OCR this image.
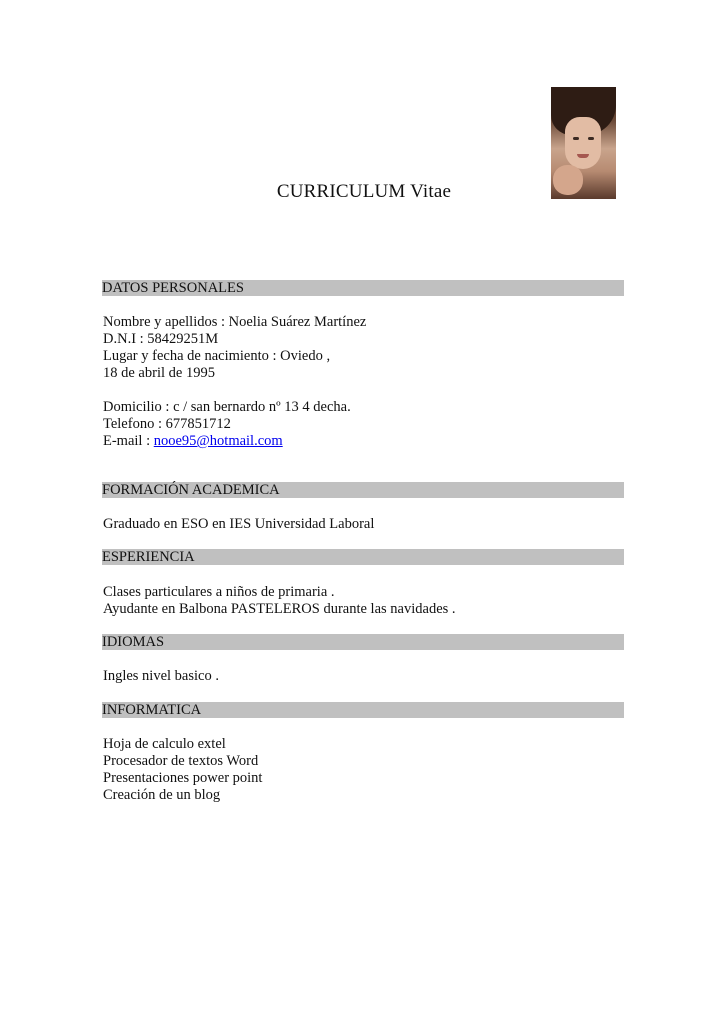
CURRICULUM Vitae
DATOS PERSONALES
Nombre y apellidos : Noelia Suárez Martínez
D.N.I : 58429251M
Lugar y fecha de nacimiento : Oviedo ,
18 de abril de 1995
Domicilio : c / san bernardo nº 13 4 decha.
Telefono : 677851712
E-mail : nooe95@hotmail.com
FORMACIÓN ACADEMICA
Graduado en ESO en IES Universidad Laboral
ESPERIENCIA
Clases particulares a niños de primaria .
Ayudante en Balbona PASTELEROS durante las navidades .
IDIOMAS
Ingles nivel basico .
INFORMATICA
Hoja de calculo extel
Procesador de textos Word
Presentaciones power point
Creación de un blog
